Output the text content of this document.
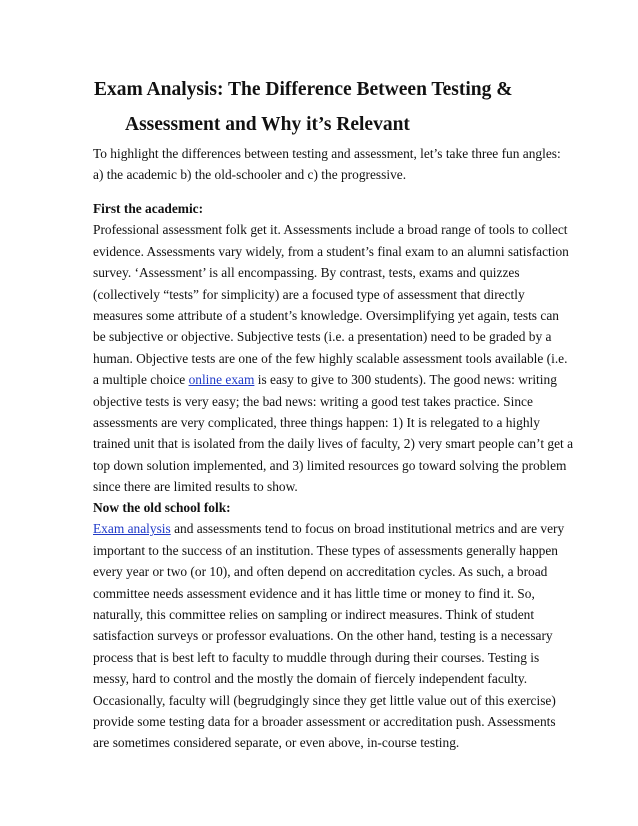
Exam Analysis: The Difference Between Testing &
Assessment and Why it’s Relevant
To highlight the differences between testing and assessment, let’s take three fun angles:
a) the academic b) the old-schooler and c) the progressive.
First the academic:
Professional assessment folk get it. Assessments include a broad range of tools to collect
evidence. Assessments vary widely, from a student’s final exam to an alumni satisfaction
survey. ‘Assessment’ is all encompassing. By contrast, tests, exams and quizzes
(collectively “tests” for simplicity) are a focused type of assessment that directly
measures some attribute of a student’s knowledge. Oversimplifying yet again, tests can
be subjective or objective. Subjective tests (i.e. a presentation) need to be graded by a
human. Objective tests are one of the few highly scalable assessment tools available (i.e.
a multiple choice online exam is easy to give to 300 students). The good news: writing
objective tests is very easy; the bad news: writing a good test takes practice. Since
assessments are very complicated, three things happen: 1) It is relegated to a highly
trained unit that is isolated from the daily lives of faculty, 2) very smart people can’t get a
top down solution implemented, and 3) limited resources go toward solving the problem
since there are limited results to show.
Now the old school folk:
Exam analysis and assessments tend to focus on broad institutional metrics and are very
important to the success of an institution. These types of assessments generally happen
every year or two (or 10), and often depend on accreditation cycles. As such, a broad
committee needs assessment evidence and it has little time or money to find it. So,
naturally, this committee relies on sampling or indirect measures. Think of student
satisfaction surveys or professor evaluations. On the other hand, testing is a necessary
process that is best left to faculty to muddle through during their courses. Testing is
messy, hard to control and the mostly the domain of fiercely independent faculty.
Occasionally, faculty will (begrudgingly since they get little value out of this exercise)
provide some testing data for a broader assessment or accreditation push. Assessments
are sometimes considered separate, or even above, in-course testing.
